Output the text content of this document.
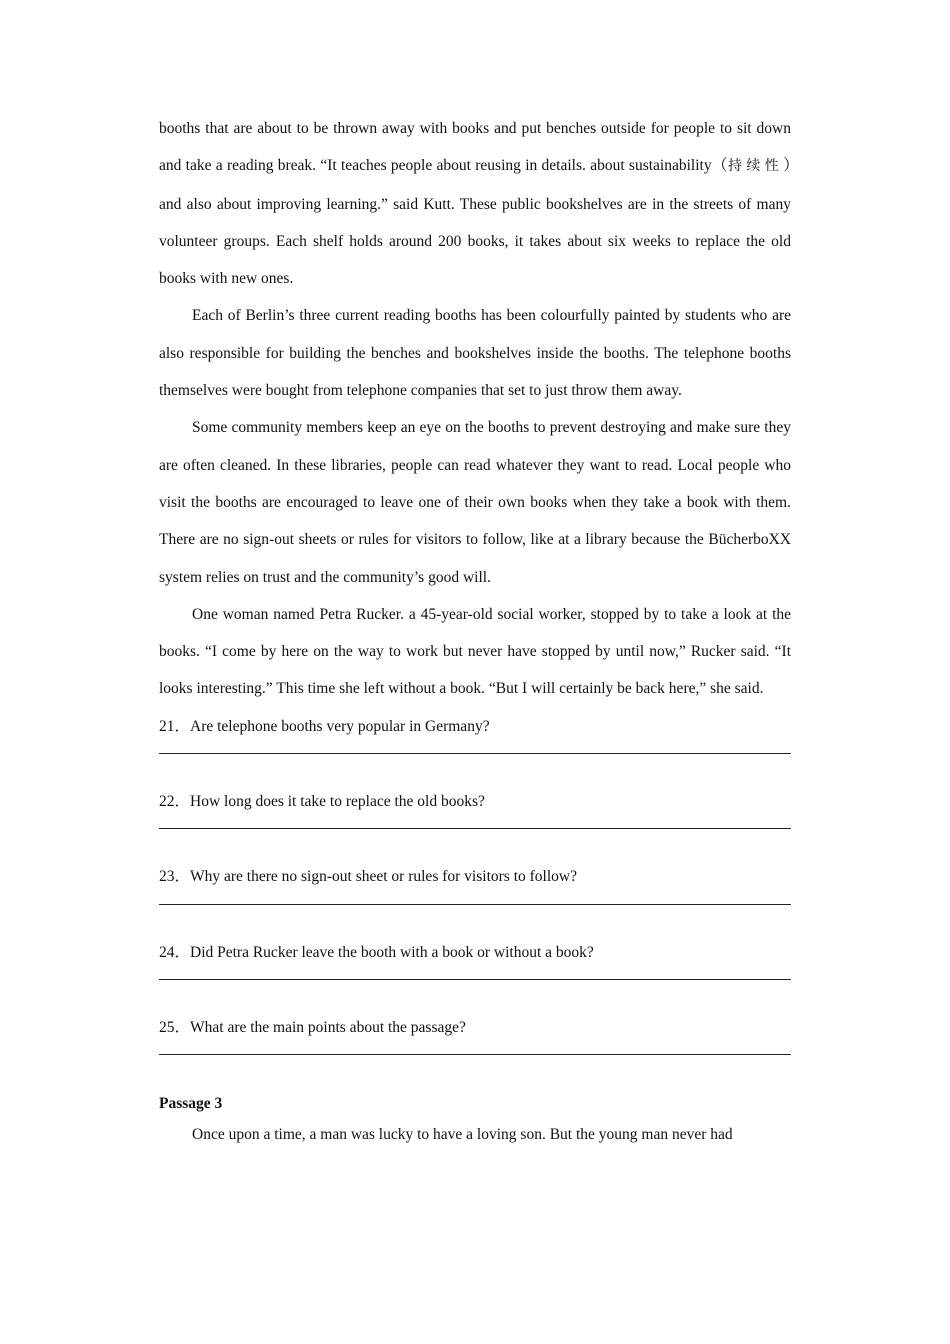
booths that are about to be thrown away with books and put benches outside for people to sit down and take a reading break. “It teaches people about reusing in details. about sustainability（持续性）and also about improving learning.” said Kutt. These public bookshelves are in the streets of many volunteer groups. Each shelf holds around 200 books, it takes about six weeks to replace the old books with new ones.

Each of Berlin’s three current reading booths has been colourfully painted by students who are also responsible for building the benches and bookshelves inside the booths. The telephone booths themselves were bought from telephone companies that set to just throw them away.

Some community members keep an eye on the booths to prevent destroying and make sure they are often cleaned. In these libraries, people can read whatever they want to read. Local people who visit the booths are encouraged to leave one of their own books when they take a book with them. There are no sign-out sheets or rules for visitors to follow, like at a library because the BücherboXX system relies on trust and the community’s good will.

One woman named Petra Rucker. a 45-year-old social worker, stopped by to take a look at the books. “I come by here on the way to work but never have stopped by until now,” Rucker said. “It looks interesting.” This time she left without a book. “But I will certainly be back here,” she said.

21．Are telephone booths very popular in Germany?

22．How long does it take to replace the old books?

23．Why are there no sign-out sheet or rules for visitors to follow?

24．Did Petra Rucker leave the booth with a book or without a book?

25．What are the main points about the passage?

Passage 3

Once upon a time, a man was lucky to have a loving son. But the young man never had
